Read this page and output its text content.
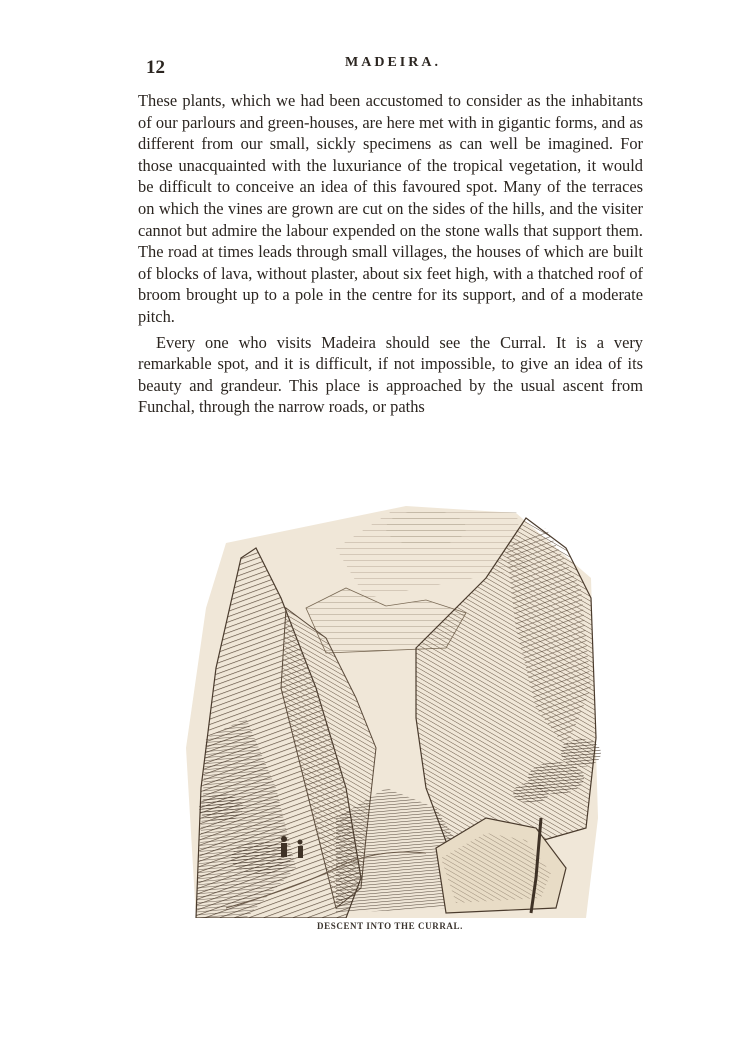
12	MADEIRA.

These plants, which we had been accustomed to consider as the inhabitants of our parlours and green-houses, are here met with in gigantic forms, and as different from our small, sickly specimens as can well be imagined. For those unacquainted with the luxuriance of the tropical vegetation, it would be difficult to conceive an idea of this favoured spot. Many of the terraces on which the vines are grown are cut on the sides of the hills, and the visiter cannot but admire the labour expended on the stone walls that support them. The road at times leads through small villages, the houses of which are built of blocks of lava, without plaster, about six feet high, with a thatched roof of broom brought up to a pole in the centre for its support, and of a moderate pitch.

Every one who visits Madeira should see the Curral. It is a very remarkable spot, and it is difficult, if not impossible, to give an idea of its beauty and grandeur. This place is approached by the usual ascent from Funchal, through the narrow roads, or paths

DESCENT INTO THE CURRAL.
